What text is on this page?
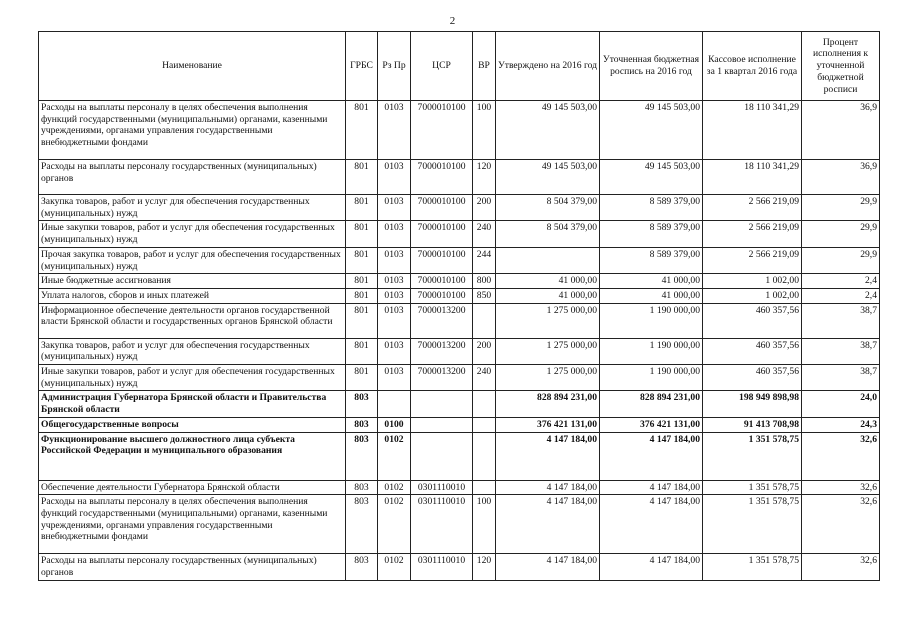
2
Наименование	ГРБС	Рз Пр	ЦСР	ВР	Утверждено на 2016 год	Уточненная бюджетная роспись на 2016 год	Кассовое исполнение за 1 квартал 2016 года	Процент исполнения к уточненной бюджетной росписи
Расходы на выплаты персоналу в целях обеспечения выполнения функций государственными (муниципальными) органами, казенными учреждениями, органами управления государственными внебюджетными фондами	801	0103	7000010100	100	49 145 503,00	49 145 503,00	18 110 341,29	36,9
Расходы на выплаты персоналу государственных (муниципальных) органов	801	0103	7000010100	120	49 145 503,00	49 145 503,00	18 110 341,29	36,9
Закупка товаров, работ и услуг для обеспечения государственных (муниципальных) нужд	801	0103	7000010100	200	8 504 379,00	8 589 379,00	2 566 219,09	29,9
Иные закупки товаров, работ и услуг для обеспечения государственных (муниципальных) нужд	801	0103	7000010100	240	8 504 379,00	8 589 379,00	2 566 219,09	29,9
Прочая закупка товаров, работ и услуг для обеспечения государственных (муниципальных) нужд	801	0103	7000010100	244		8 589 379,00	2 566 219,09	29,9
Иные бюджетные ассигнования	801	0103	7000010100	800	41 000,00	41 000,00	1 002,00	2,4
Уплата налогов, сборов и иных платежей	801	0103	7000010100	850	41 000,00	41 000,00	1 002,00	2,4
Информационное обеспечение деятельности органов государственной власти Брянской области и государственных органов Брянской области	801	0103	7000013200		1 275 000,00	1 190 000,00	460 357,56	38,7
Закупка товаров, работ и услуг для обеспечения государственных (муниципальных) нужд	801	0103	7000013200	200	1 275 000,00	1 190 000,00	460 357,56	38,7
Иные закупки товаров, работ и услуг для обеспечения государственных (муниципальных) нужд	801	0103	7000013200	240	1 275 000,00	1 190 000,00	460 357,56	38,7
Администрация Губернатора Брянской области и Правительства Брянской области	803				828 894 231,00	828 894 231,00	198 949 898,98	24,0
Общегосударственные вопросы	803	0100			376 421 131,00	376 421 131,00	91 413 708,98	24,3
Функционирование высшего должностного лица субъекта Российской Федерации и муниципального образования	803	0102			4 147 184,00	4 147 184,00	1 351 578,75	32,6
Обеспечение деятельности Губернатора Брянской области	803	0102	0301110010		4 147 184,00	4 147 184,00	1 351 578,75	32,6
Расходы на выплаты персоналу в целях обеспечения выполнения функций государственными (муниципальными) органами, казенными учреждениями, органами управления государственными внебюджетными фондами	803	0102	0301110010	100	4 147 184,00	4 147 184,00	1 351 578,75	32,6
Расходы на выплаты персоналу государственных (муниципальных) органов	803	0102	0301110010	120	4 147 184,00	4 147 184,00	1 351 578,75	32,6
